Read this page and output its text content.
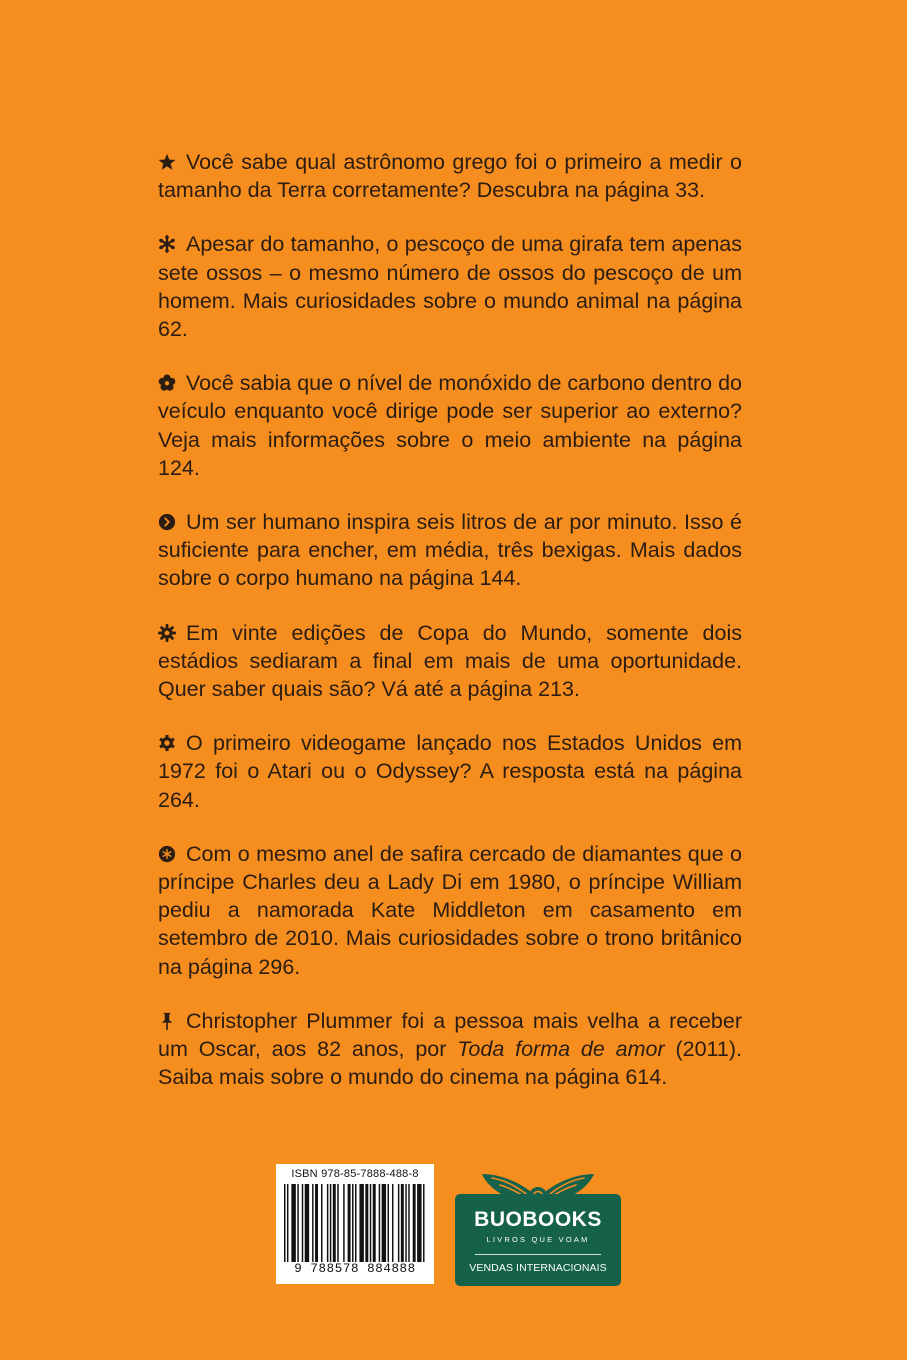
Você sabe qual astrônomo grego foi o primeiro a medir o tamanho da Terra corretamente? Descubra na página 33.

Apesar do tamanho, o pescoço de uma girafa tem apenas sete ossos – o mesmo número de ossos do pescoço de um homem. Mais curiosidades sobre o mundo animal na página 62.

Você sabia que o nível de monóxido de carbono dentro do veículo enquanto você dirige pode ser superior ao externo? Veja mais informações sobre o meio ambiente na página 124.

Um ser humano inspira seis litros de ar por minuto. Isso é suficiente para encher, em média, três bexigas. Mais dados sobre o corpo humano na página 144.

Em vinte edições de Copa do Mundo, somente dois estádios sediaram a final em mais de uma oportunidade. Quer saber quais são? Vá até a página 213.

O primeiro videogame lançado nos Estados Unidos em 1972 foi o Atari ou o Odyssey? A resposta está na página 264.

Com o mesmo anel de safira cercado de diamantes que o príncipe Charles deu a Lady Di em 1980, o príncipe William pediu a namorada Kate Middleton em casamento em setembro de 2010. Mais curiosidades sobre o trono britânico na página 296.

Christopher Plummer foi a pessoa mais velha a receber um Oscar, aos 82 anos, por Toda forma de amor (2011). Saiba mais sobre o mundo do cinema na página 614.

ISBN 978-85-7888-488-8
9 788578 884888
BUOBOOKS
LIVROS QUE VOAM
VENDAS INTERNACIONAIS
